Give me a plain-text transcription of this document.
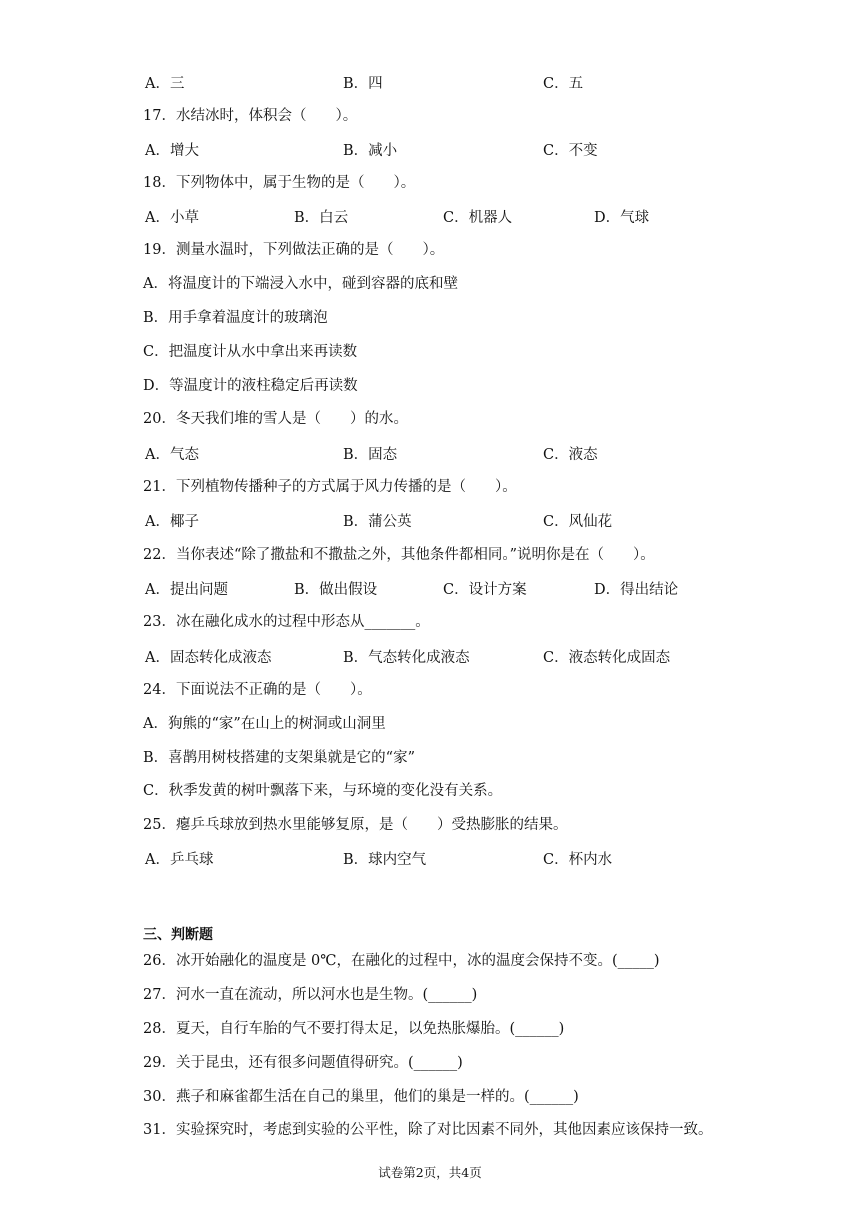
A．三	B．四	C．五
17．水结冰时，体积会（　　）。
A．增大	B．减小	C．不变
18．下列物体中，属于生物的是（　　）。
A．小草	B．白云	C．机器人	D．气球
19．测量水温时，下列做法正确的是（　　）。
A．将温度计的下端浸入水中，碰到容器的底和壁
B．用手拿着温度计的玻璃泡
C．把温度计从水中拿出来再读数
D．等温度计的液柱稳定后再读数
20．冬天我们堆的雪人是（　　）的水。
A．气态	B．固态	C．液态
21．下列植物传播种子的方式属于风力传播的是（　　）。
A．椰子	B．蒲公英	C．风仙花
22．当你表述“除了撒盐和不撒盐之外，其他条件都相同。”说明你是在（　　）。
A．提出问题	B．做出假设	C．设计方案	D．得出结论
23．冰在融化成水的过程中形态从_______。
A．固态转化成液态	B．气态转化成液态	C．液态转化成固态
24．下面说法不正确的是（　　）。
A．狗熊的“家”在山上的树洞或山洞里
B．喜鹊用树枝搭建的支架巢就是它的“家”
C．秋季发黄的树叶飘落下来，与环境的变化没有关系。
25．瘪乒乓球放到热水里能够复原，是（　　）受热膨胀的结果。
A．乒乓球	B．球内空气	C．杯内水
三、判断题
26．冰开始融化的温度是 0℃，在融化的过程中，冰的温度会保持不变。(_____)
27．河水一直在流动，所以河水也是生物。(______)
28．夏天，自行车胎的气不要打得太足，以免热胀爆胎。(______)
29．关于昆虫，还有很多问题值得研究。(______)
30．燕子和麻雀都生活在自己的巢里，他们的巢是一样的。(______)
31．实验探究时，考虑到实验的公平性，除了对比因素不同外，其他因素应该保持一致。
试卷第2页，共4页
